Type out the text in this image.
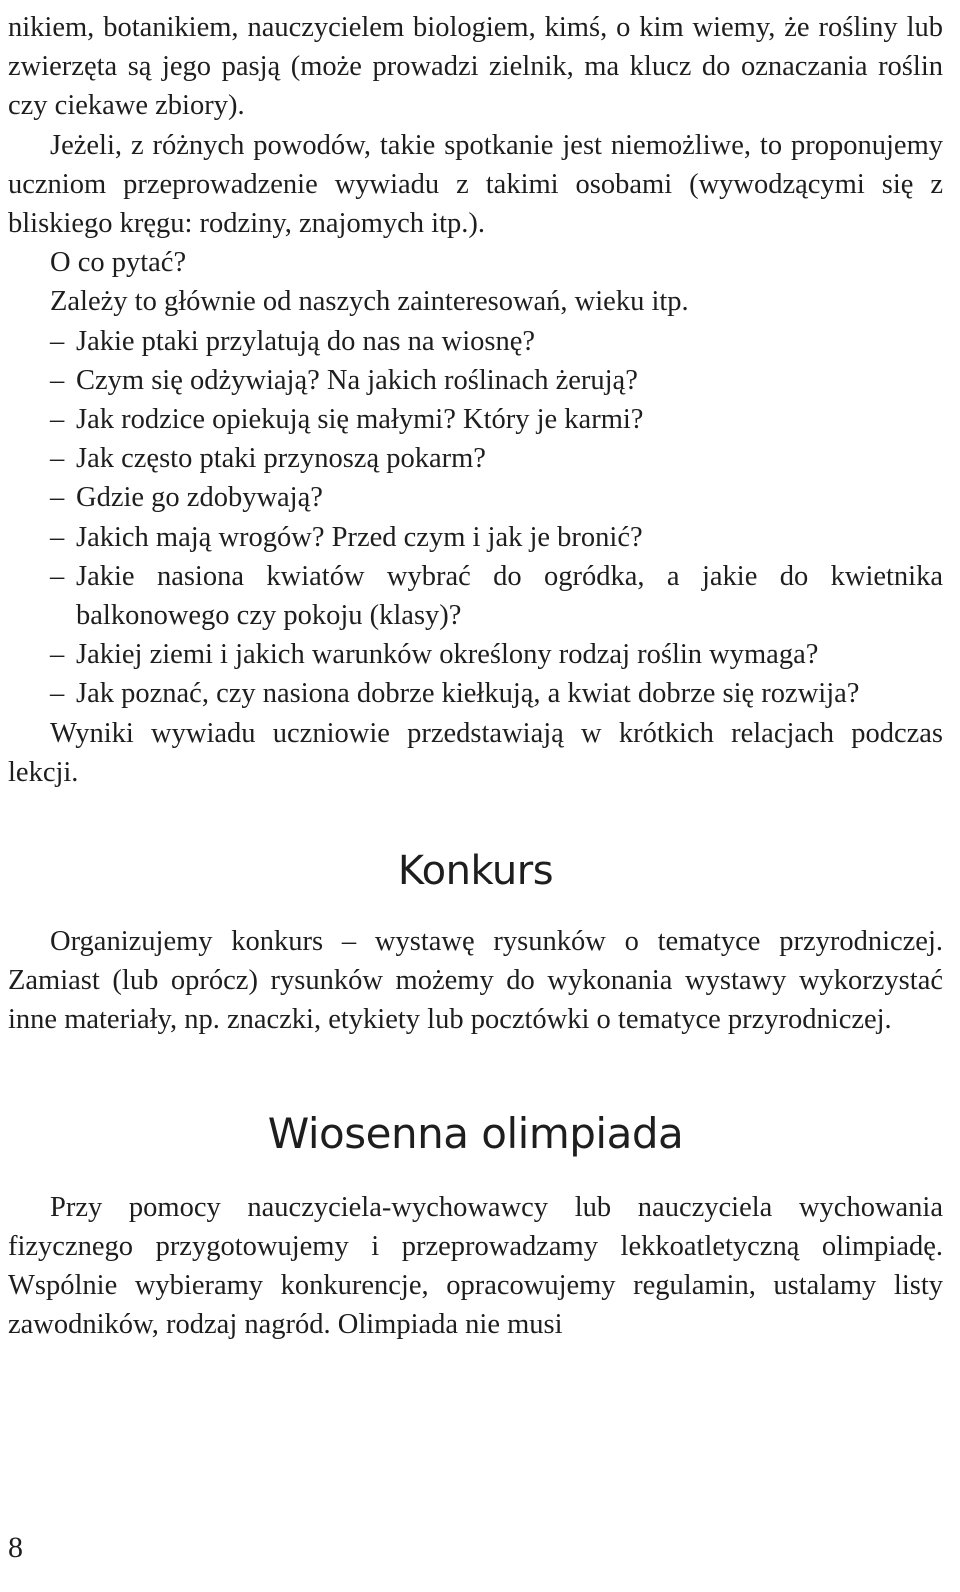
nikiem, botanikiem, nauczycielem biologiem, kimś, o kim wiemy, że rośliny lub zwierzęta są jego pasją (może prowadzi zielnik, ma klucz do oznaczania roślin czy ciekawe zbiory).

Jeżeli, z różnych powodów, takie spotkanie jest niemożliwe, to proponujemy uczniom przeprowadzenie wywiadu z takimi osobami (wywodzącymi się z bliskiego kręgu: rodziny, znajomych itp.).

O co pytać?

Zależy to głównie od naszych zainteresowań, wieku itp.

– Jakie ptaki przylatują do nas na wiosnę?
– Czym się odżywiają? Na jakich roślinach żerują?
– Jak rodzice opiekują się małymi? Który je karmi?
– Jak często ptaki przynoszą pokarm?
– Gdzie go zdobywają?
– Jakich mają wrogów? Przed czym i jak je bronić?
– Jakie nasiona kwiatów wybrać do ogródka, a jakie do kwietnika balkonowego czy pokoju (klasy)?
– Jakiej ziemi i jakich warunków określony rodzaj roślin wymaga?
– Jak poznać, czy nasiona dobrze kiełkują, a kwiat dobrze się rozwija?

Wyniki wywiadu uczniowie przedstawiają w krótkich relacjach podczas lekcji.

Konkurs

Organizujemy konkurs – wystawę rysunków o tematyce przyrodniczej. Zamiast (lub oprócz) rysunków możemy do wykonania wystawy wykorzystać inne materiały, np. znaczki, etykiety lub pocztówki o tematyce przyrodniczej.

Wiosenna olimpiada

Przy pomocy nauczyciela-wychowawcy lub nauczyciela wychowania fizycznego przygotowujemy i przeprowadzamy lekkoatletyczną olimpiadę. Wspólnie wybieramy konkurencje, opracowujemy regulamin, ustalamy listy zawodników, rodzaj nagród. Olimpiada nie musi

8
